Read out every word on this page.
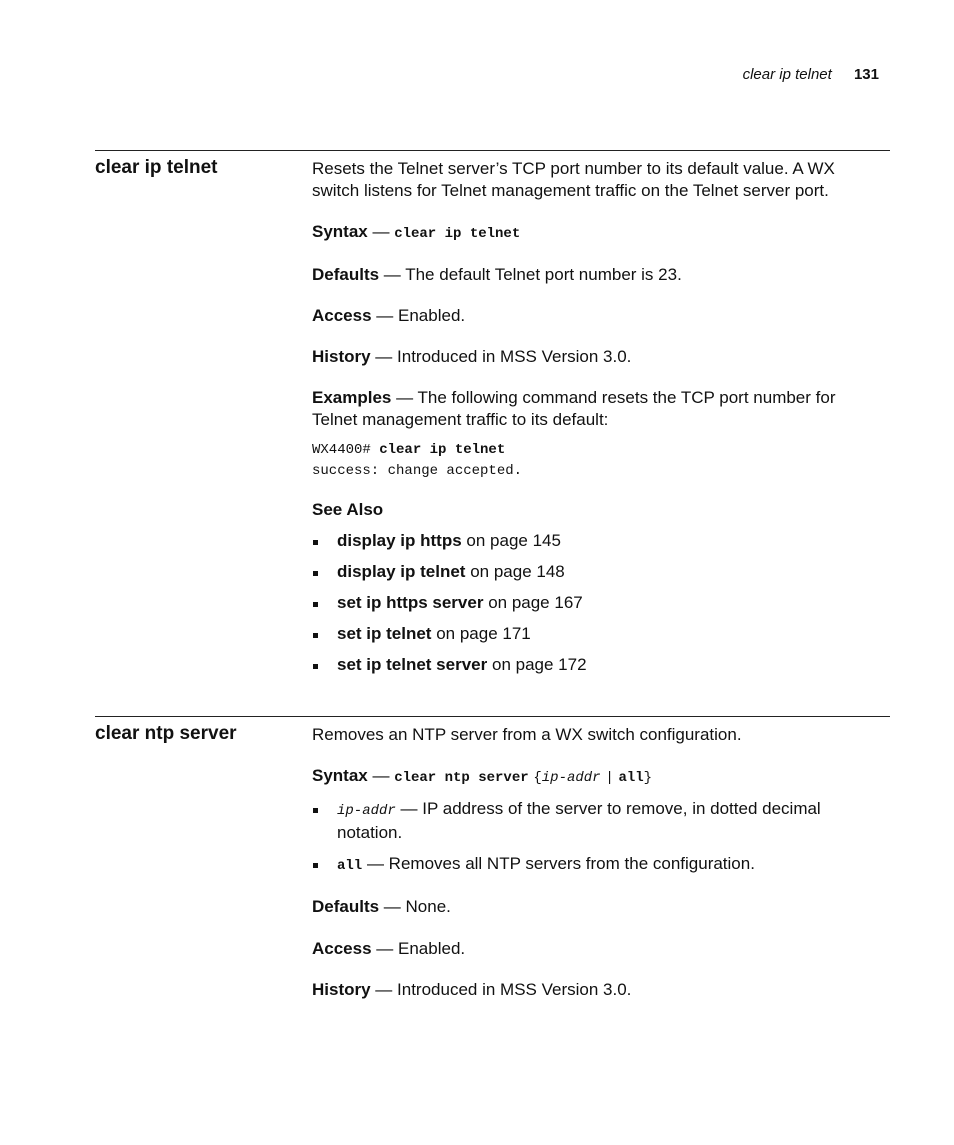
clear ip telnet 131
clear ip telnet	Resets the Telnet server’s TCP port number to its default value. A WX switch listens for Telnet management traffic on the Telnet server port.

Syntax — clear ip telnet

Defaults — The default Telnet port number is 23.

Access — Enabled.

History — Introduced in MSS Version 3.0.

Examples — The following command resets the TCP port number for Telnet management traffic to its default:

WX4400# clear ip telnet
success: change accepted.

See Also

display ip https on page 145
display ip telnet on page 148
set ip https server on page 167
set ip telnet on page 171
set ip telnet server on page 172
clear ntp server	Removes an NTP server from a WX switch configuration.

Syntax — clear ntp server {ip-addr | all}

ip-addr — IP address of the server to remove, in dotted decimal notation.
all — Removes all NTP servers from the configuration.

Defaults — None.

Access — Enabled.

History — Introduced in MSS Version 3.0.
